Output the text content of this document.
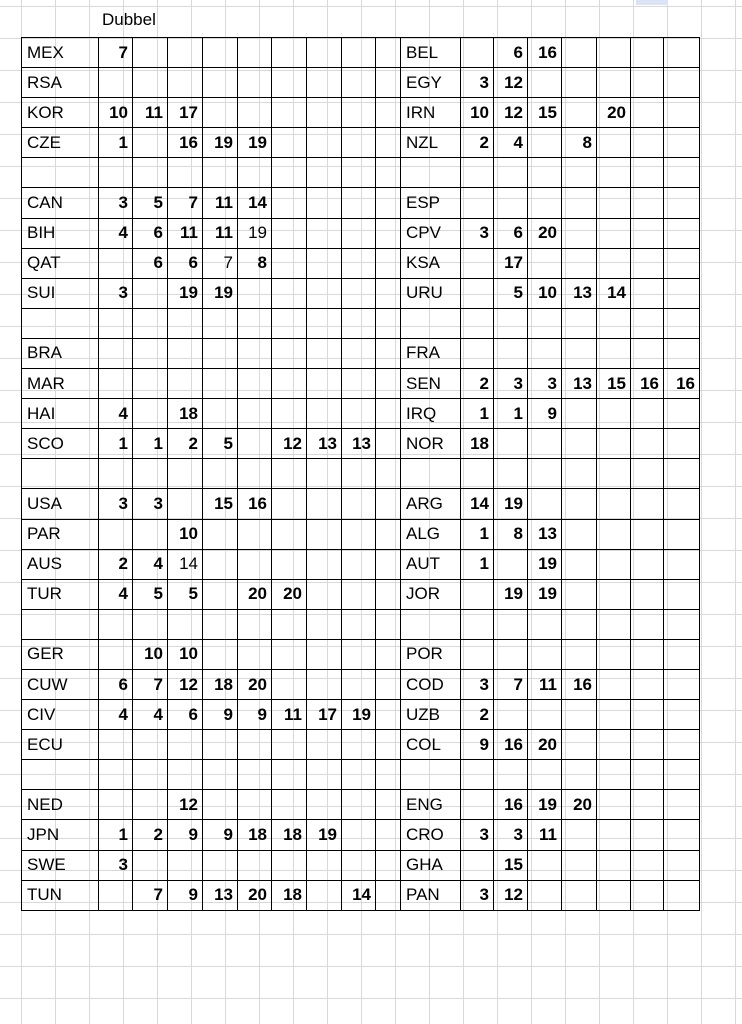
Dubbel
MEX	7									BEL		6	16				
RSA										EGY	3	12					
KOR	10	11	17							IRN	10	12	15		20		
CZE	1		16	19	19					NZL	2	4		8			

CAN	3	5	7	11	14					ESP							
BIH	4	6	11	11	19					CPV	3	6	20				
QAT		6	6	7	8					KSA		17					
SUI	3		19	19						URU		5	10	13	14		

BRA										FRA							
MAR										SEN	2	3	3	13	15	16	16
HAI	4		18							IRQ	1	1	9				
SCO	1	1	2	5		12	13	13		NOR	18						

USA	3	3		15	16					ARG	14	19					
PAR			10							ALG	1	8	13				
AUS	2	4	14							AUT	1		19				
TUR	4	5	5		20	20				JOR		19	19				

GER		10	10							POR							
CUW	6	7	12	18	20					COD	3	7	11	16			
CIV	4	4	6	9	9	11	17	19		UZB	2						
ECU										COL	9	16	20				

NED			12							ENG		16	19	20			
JPN	1	2	9	9	18	18	19			CRO	3	3	11				
SWE	3									GHA		15					
TUN		7	9	13	20	18		14		PAN	3	12					
